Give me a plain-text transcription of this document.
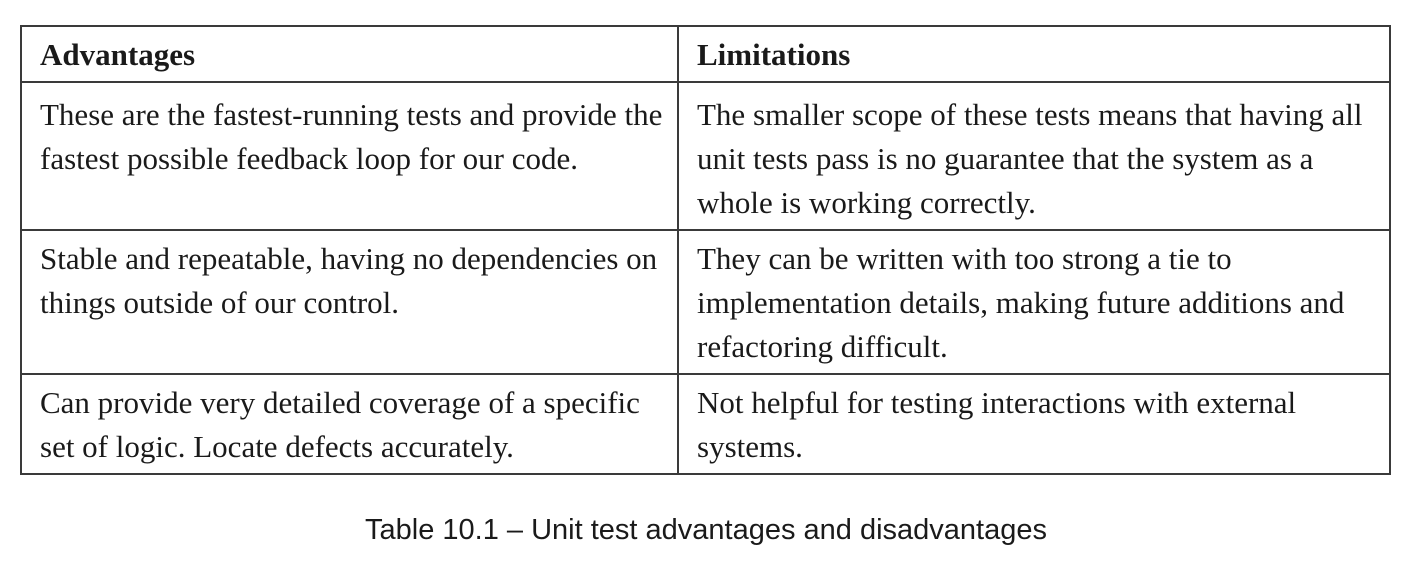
Advantages	Limitations
These are the fastest-running tests and provide the fastest possible feedback loop for our code.	The smaller scope of these tests means that having all unit tests pass is no guarantee that the system as a whole is working correctly.
Stable and repeatable, having no dependencies on things outside of our control.	They can be written with too strong a tie to implementation details, making future additions and refactoring difficult.
Can provide very detailed coverage of a specific set of logic. Locate defects accurately.	Not helpful for testing interactions with external systems.
Table 10.1 – Unit test advantages and disadvantages
